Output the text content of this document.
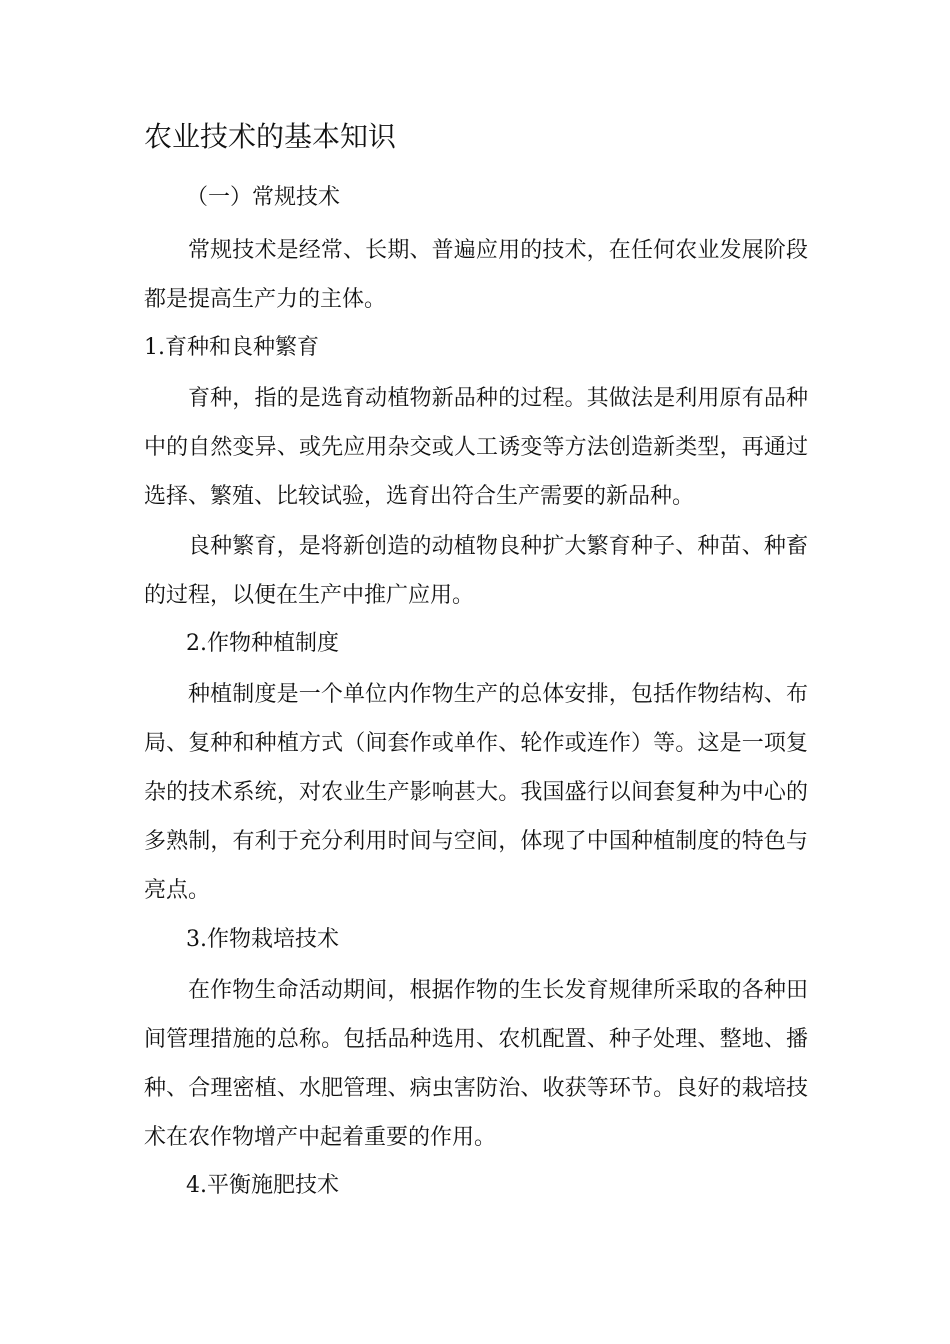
农业技术的基本知识
（一）常规技术

常规技术是经常、长期、普遍应用的技术，在任何农业发展阶段都是提高生产力的主体。

1.育种和良种繁育

育种，指的是选育动植物新品种的过程。其做法是利用原有品种中的自然变异、或先应用杂交或人工诱变等方法创造新类型，再通过选择、繁殖、比较试验，选育出符合生产需要的新品种。

良种繁育，是将新创造的动植物良种扩大繁育种子、种苗、种畜的过程，以便在生产中推广应用。

2.作物种植制度

种植制度是一个单位内作物生产的总体安排，包括作物结构、布局、复种和种植方式（间套作或单作、轮作或连作）等。这是一项复杂的技术系统，对农业生产影响甚大。我国盛行以间套复种为中心的多熟制，有利于充分利用时间与空间，体现了中国种植制度的特色与亮点。

3.作物栽培技术

在作物生命活动期间，根据作物的生长发育规律所采取的各种田间管理措施的总称。包括品种选用、农机配置、种子处理、整地、播种、合理密植、水肥管理、病虫害防治、收获等环节。良好的栽培技术在农作物增产中起着重要的作用。

4.平衡施肥技术
